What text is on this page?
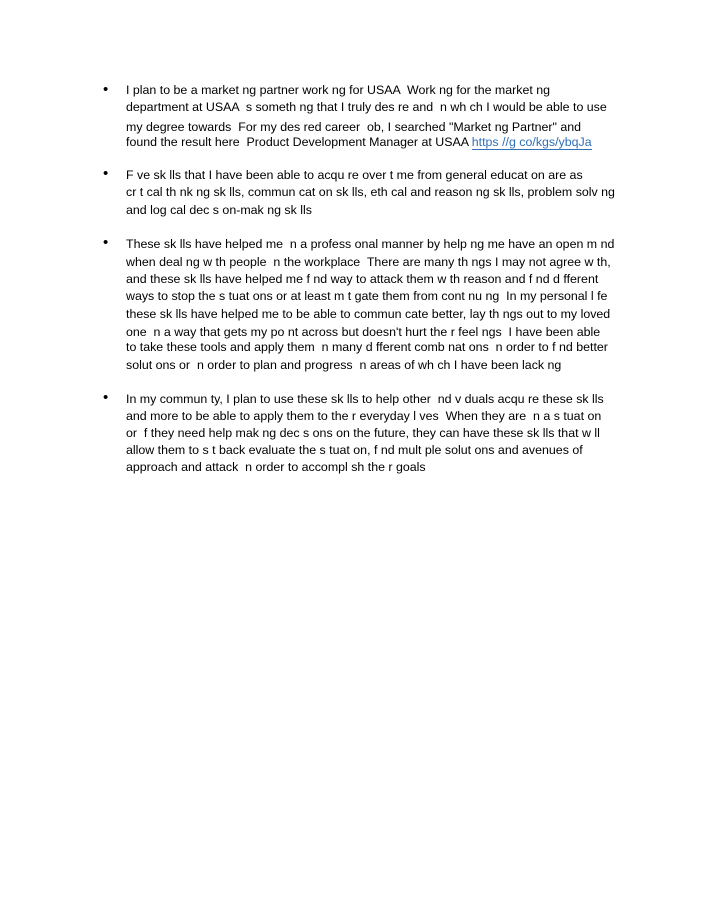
• I plan to be a market ng partner work ng for USAA  Work ng for the market ng
department at USAA  s someth ng that I truly des re and  n wh ch I would be able to use
my degree towards  For my des red career  ob, I searched "Market ng Partner" and
found the result here  Product Development Manager at USAA https //g co/kgs/ybqJa
• F ve sk lls that I have been able to acqu re over t me from general educat on are as
cr t cal th nk ng sk lls, commun cat on sk lls, eth cal and reason ng sk lls, problem solv ng
and log cal dec s on-mak ng sk lls
• These sk lls have helped me  n a profess onal manner by help ng me have an open m nd
when deal ng w th people  n the workplace  There are many th ngs I may not agree w th,
and these sk lls have helped me f nd way to attack them w th reason and f nd d fferent
ways to stop the s tuat ons or at least m t gate them from cont nu ng  In my personal l fe
these sk lls have helped me to be able to commun cate better, lay th ngs out to my loved
one  n a way that gets my po nt across but doesn't hurt the r feel ngs  I have been able
to take these tools and apply them  n many d fferent comb nat ons  n order to f nd better
solut ons or  n order to plan and progress  n areas of wh ch I have been lack ng
• In my commun ty, I plan to use these sk lls to help other  nd v duals acqu re these sk lls
and more to be able to apply them to the r everyday l ves  When they are  n a s tuat on
or  f they need help mak ng dec s ons on the future, they can have these sk lls that w ll
allow them to s t back evaluate the s tuat on, f nd mult ple solut ons and avenues of
approach and attack  n order to accompl sh the r goals
